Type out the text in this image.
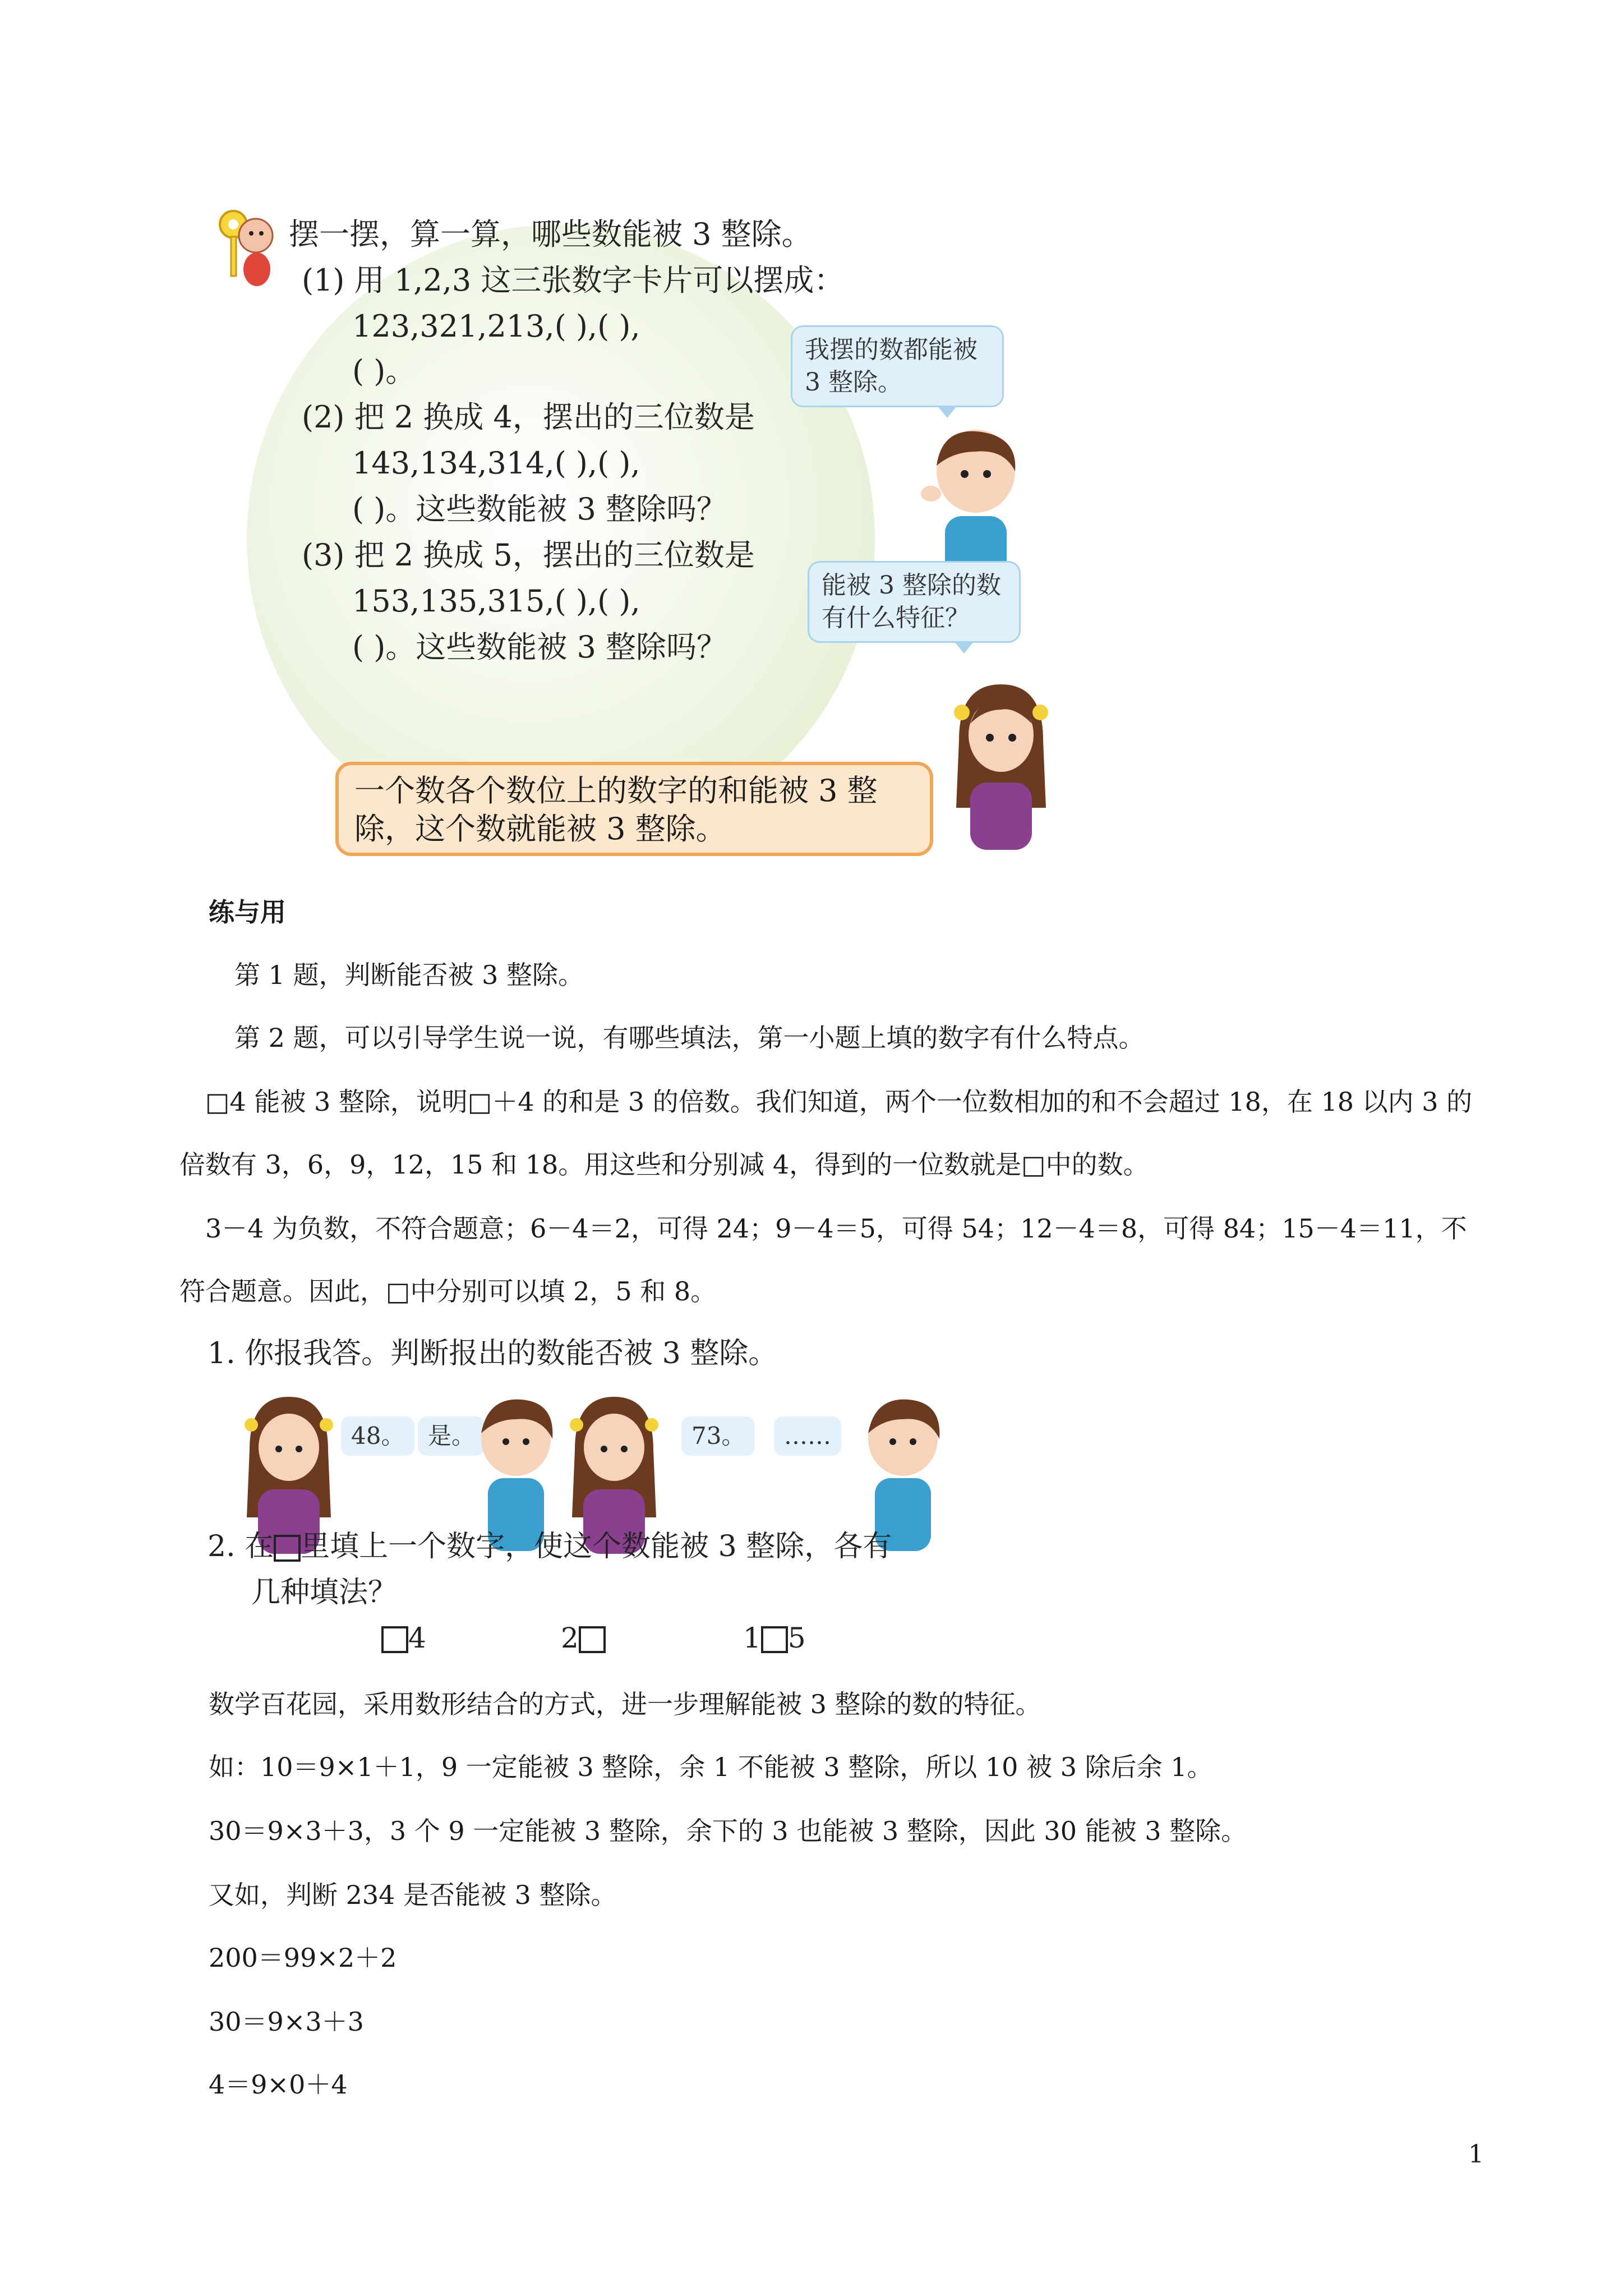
摆一摆，算一算，哪些数能被 3 整除。
(1) 用 1,2,3 这三张数字卡片可以摆成：
123,321,213,( ),( ),
( )。
(2) 把 2 换成 4，摆出的三位数是
143,134,314,( ),( ),
( )。这些数能被 3 整除吗？
(3) 把 2 换成 5，摆出的三位数是
153,135,315,( ),( ),
( )。这些数能被 3 整除吗？
我摆的数都能被 3 整除。
能被 3 整除的数有什么特征？
一个数各个数位上的数字的和能被 3 整除，这个数就能被 3 整除。
练与用
第 1 题，判断能否被 3 整除。
第 2 题，可以引导学生说一说，有哪些填法，第一小题上填的数字有什么特点。
□4 能被 3 整除，说明□＋4 的和是 3 的倍数。我们知道，两个一位数相加的和不会超过 18，在 18 以内 3 的倍数有 3，6，9，12，15 和 18。用这些和分别减 4，得到的一位数就是□中的数。
3－4 为负数，不符合题意；6－4＝2，可得 24；9－4＝5，可得 54；12－4＝8，可得 84；15－4＝11，不符合题意。因此，□中分别可以填 2，5 和 8。
1. 你报我答。判断报出的数能否被 3 整除。
48。 是。	73。	……
2. 在 里填上一个数字，使这个数能被 3 整除，各有
几种填法？
4	2	1 5
数学百花园，采用数形结合的方式，进一步理解能被 3 整除的数的特征。
如：10＝9×1＋1，9 一定能被 3 整除，余 1 不能被 3 整除，所以 10 被 3 除后余 1。
30＝9×3＋3，3 个 9 一定能被 3 整除，余下的 3 也能被 3 整除，因此 30 能被 3 整除。
又如，判断 234 是否能被 3 整除。
200＝99×2＋2
30＝9×3＋3
4＝9×0＋4
1
